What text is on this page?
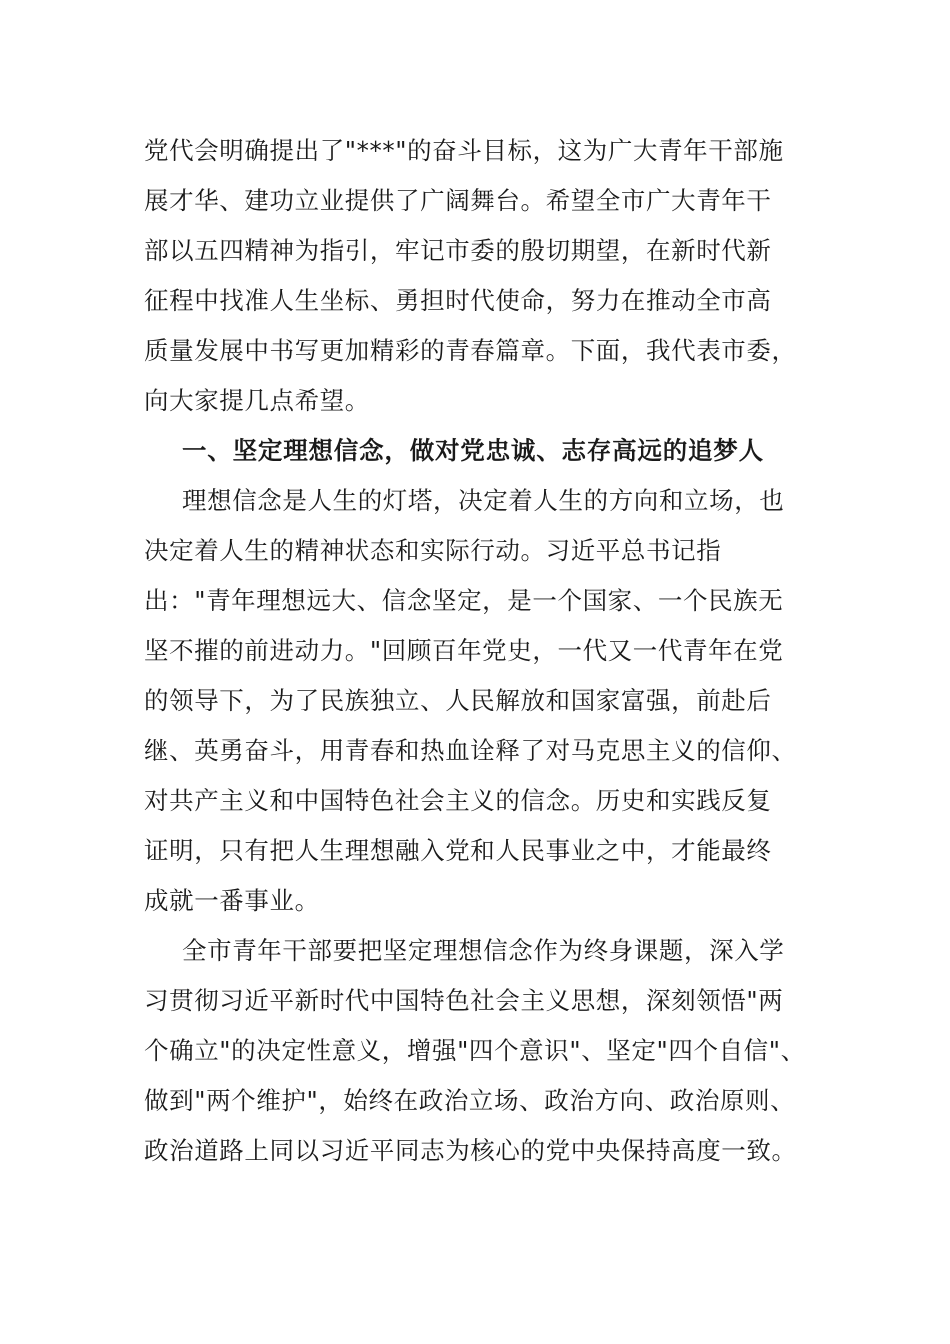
党代会明确提出了"***"的奋斗目标，这为广大青年干部施
展才华、建功立业提供了广阔舞台。希望全市广大青年干
部以五四精神为指引，牢记市委的殷切期望，在新时代新
征程中找准人生坐标、勇担时代使命，努力在推动全市高
质量发展中书写更加精彩的青春篇章。下面，我代表市委，
向大家提几点希望。
一、坚定理想信念，做对党忠诚、志存高远的追梦人
理想信念是人生的灯塔，决定着人生的方向和立场，也
决定着人生的精神状态和实际行动。习近平总书记指
出："青年理想远大、信念坚定，是一个国家、一个民族无
坚不摧的前进动力。"回顾百年党史，一代又一代青年在党
的领导下，为了民族独立、人民解放和国家富强，前赴后
继、英勇奋斗，用青春和热血诠释了对马克思主义的信仰、
对共产主义和中国特色社会主义的信念。历史和实践反复
证明，只有把人生理想融入党和人民事业之中，才能最终
成就一番事业。
全市青年干部要把坚定理想信念作为终身课题，深入学
习贯彻习近平新时代中国特色社会主义思想，深刻领悟"两
个确立"的决定性意义，增强"四个意识"、坚定"四个自信"、
做到"两个维护"，始终在政治立场、政治方向、政治原则、
政治道路上同以习近平同志为核心的党中央保持高度一致。
